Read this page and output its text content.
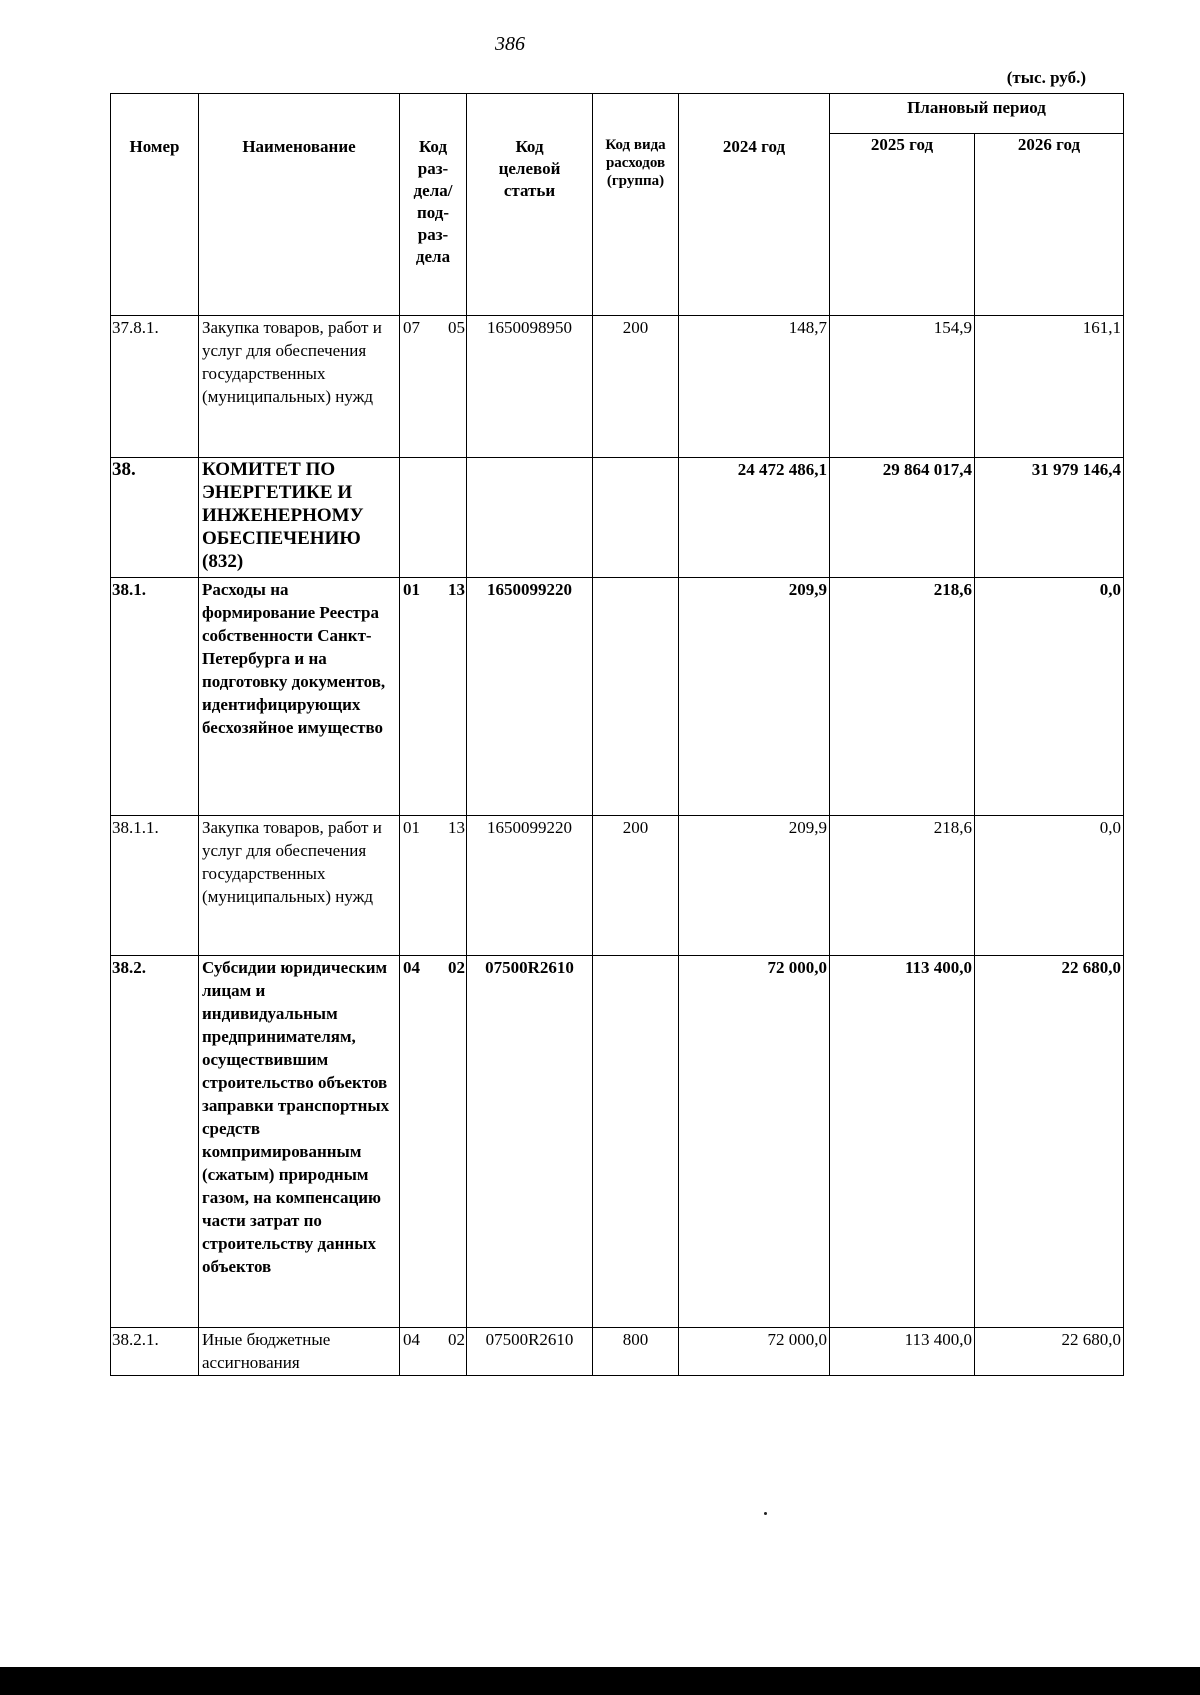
386
(тыс. руб.)
Номер	Наименование	Код раз- дела/ под- раз- дела	Код целевой статьи	Код вида расходов (группа)	2024 год	Плановый период	

						2025 год	2026 год

37.8.1.	Закупка товаров, работ и услуг для обеспечения государственных (муниципальных) нужд	07 05	1650098950	200	148,7	154,9	161,1
38.	КОМИТЕТ ПО ЭНЕРГЕТИКЕ И ИНЖЕНЕРНОМУ ОБЕСПЕЧЕНИЮ (832)				24 472 486,1	29 864 017,4	31 979 146,4
38.1.	Расходы на формирование Реестра собственности Санкт-Петербурга и на подготовку документов, идентифицирующих бесхозяйное имущество	01 13	1650099220		209,9	218,6	0,0
38.1.1.	Закупка товаров, работ и услуг для обеспечения государственных (муниципальных) нужд	01 13	1650099220	200	209,9	218,6	0,0
38.2.	Субсидии юридическим лицам и индивидуальным предпринимателям, осуществившим строительство объектов заправки транспортных средств компримированным (сжатым) природным газом, на компенсацию части затрат по строительству данных объектов	04 02	07500R2610		72 000,0	113 400,0	22 680,0
38.2.1.	Иные бюджетные ассигнования	04 02	07500R2610	800	72 000,0	113 400,0	22 680,0
